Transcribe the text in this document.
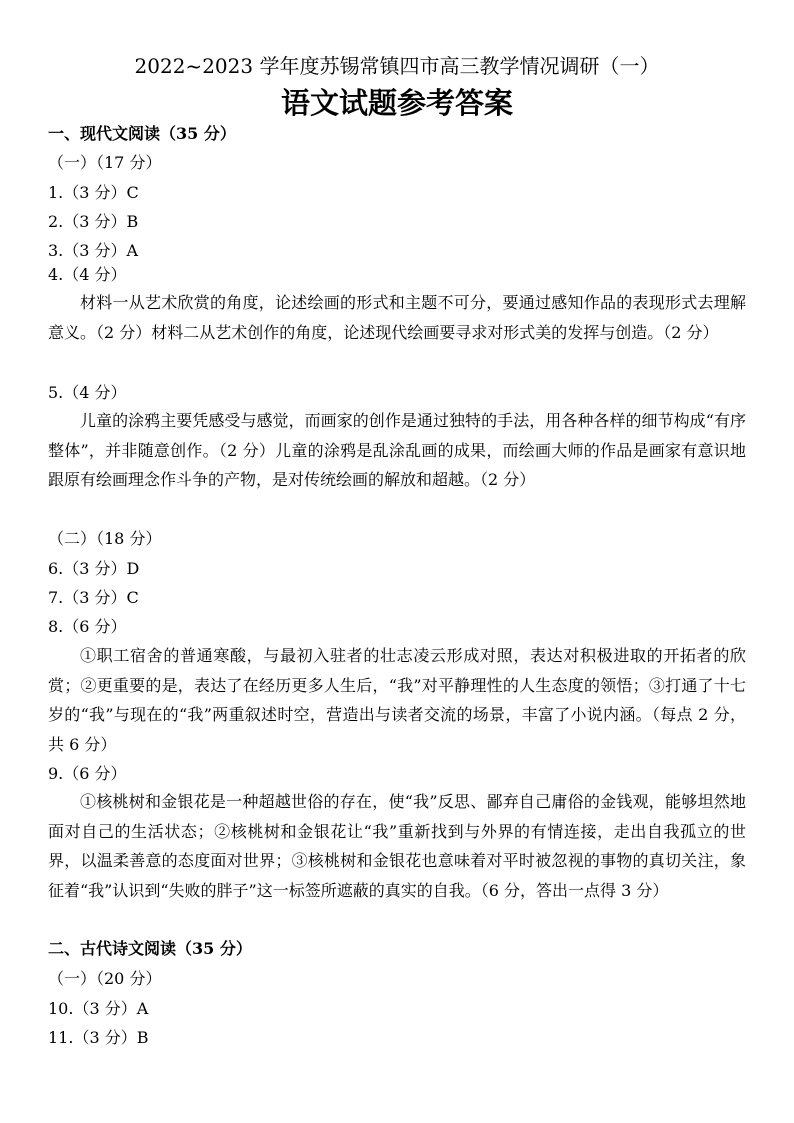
2022~2023 学年度苏锡常镇四市高三教学情况调研（一）
语文试题参考答案
一、现代文阅读（35 分）
（一）（17 分）
1.（3 分）C
2.（3 分）B
3.（3 分）A
4.（4 分）
材料一从艺术欣赏的角度，论述绘画的形式和主题不可分，要通过感知作品的表现形式去理解意义。（2 分）材料二从艺术创作的角度，论述现代绘画要寻求对形式美的发挥与创造。（2 分）
5.（4 分）
儿童的涂鸦主要凭感受与感觉，而画家的创作是通过独特的手法，用各种各样的细节构成“有序整体”，并非随意创作。（2 分）儿童的涂鸦是乱涂乱画的成果，而绘画大师的作品是画家有意识地跟原有绘画理念作斗争的产物，是对传统绘画的解放和超越。（2 分）
（二）（18 分）
6.（3 分）D
7.（3 分）C
8.（6 分）
①职工宿舍的普通寒酸，与最初入驻者的壮志凌云形成对照，表达对积极进取的开拓者的欣赏；②更重要的是，表达了在经历更多人生后，“我”对平静理性的人生态度的领悟；③打通了十七岁的“我”与现在的“我”两重叙述时空，营造出与读者交流的场景，丰富了小说内涵。（每点 2 分，共 6 分）
9.（6 分）
①核桃树和金银花是一种超越世俗的存在，使“我”反思、鄙弃自己庸俗的金钱观，能够坦然地面对自己的生活状态；②核桃树和金银花让“我”重新找到与外界的有情连接，走出自我孤立的世界，以温柔善意的态度面对世界；③核桃树和金银花也意味着对平时被忽视的事物的真切关注，象征着“我”认识到“失败的胖子”这一标签所遮蔽的真实的自我。（6 分，答出一点得 3 分）
二、古代诗文阅读（35 分）
（一）（20 分）
10.（3 分）A
11.（3 分）B
